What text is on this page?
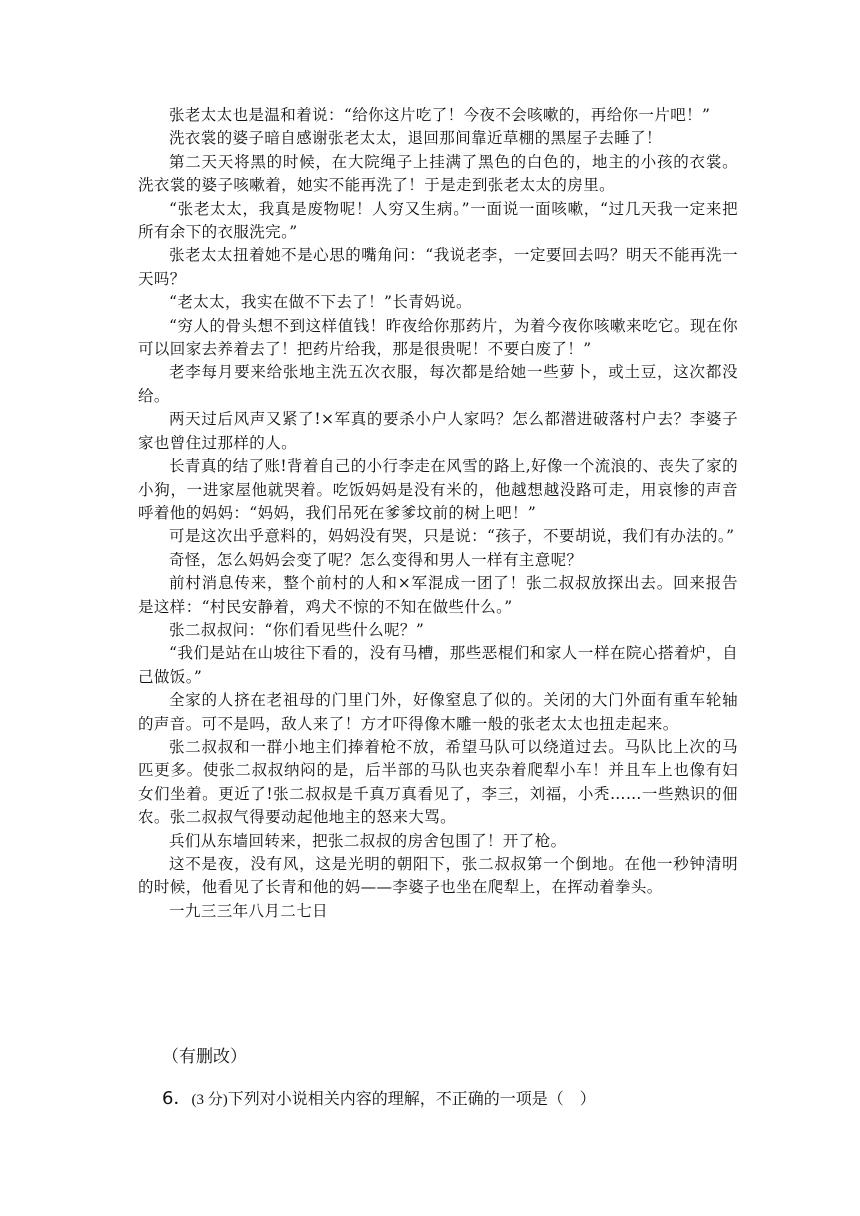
张老太太也是温和着说：“给你这片吃了！今夜不会咳嗽的，再给你一片吧！”

洗衣裳的婆子暗自感谢张老太太，退回那间靠近草棚的黑屋子去睡了！

第二天天将黑的时候，在大院绳子上挂满了黑色的白色的，地主的小孩的衣裳。洗衣裳的婆子咳嗽着，她实不能再洗了！于是走到张老太太的房里。

“张老太太，我真是废物呢！人穷又生病。”一面说一面咳嗽，“过几天我一定来把所有余下的衣服洗完。”

张老太太扭着她不是心思的嘴角问：“我说老李，一定要回去吗？明天不能再洗一天吗？

“老太太，我实在做不下去了！”长青妈说。

“穷人的骨头想不到这样值钱！昨夜给你那药片，为着今夜你咳嗽来吃它。现在你可以回家去养着去了！把药片给我，那是很贵呢！不要白废了！”

老李每月要来给张地主洗五次衣服，每次都是给她一些萝卜，或土豆，这次都没给。

两天过后风声又紧了!×军真的要杀小户人家吗？怎么都潜进破落村户去？李婆子家也曾住过那样的人。

长青真的结了账!背着自己的小行李走在风雪的路上,好像一个流浪的、丧失了家的小狗，一进家屋他就哭着。吃饭妈妈是没有米的，他越想越没路可走，用哀惨的声音呼着他的妈妈：“妈妈，我们吊死在爹爹坟前的树上吧！”

可是这次出乎意料的，妈妈没有哭，只是说：“孩子，不要胡说，我们有办法的。”

奇怪，怎么妈妈会变了呢？怎么变得和男人一样有主意呢？

前村消息传来，整个前村的人和×军混成一团了！张二叔叔放探出去。回来报告是这样：“村民安静着，鸡犬不惊的不知在做些什么。”

张二叔叔问：“你们看见些什么呢？”

“我们是站在山坡往下看的，没有马槽，那些恶棍们和家人一样在院心搭着炉，自己做饭。”

全家的人挤在老祖母的门里门外，好像窒息了似的。关闭的大门外面有重车轮轴的声音。可不是吗，敌人来了！方才吓得像木雕一般的张老太太也扭走起来。

张二叔叔和一群小地主们捧着枪不放，希望马队可以绕道过去。马队比上次的马匹更多。使张二叔叔纳闷的是，后半部的马队也夹杂着爬犁小车！并且车上也像有妇女们坐着。更近了!张二叔叔是千真万真看见了，李三，刘福，小秃……一些熟识的佃农。张二叔叔气得要动起他地主的怒来大骂。

兵们从东墙回转来，把张二叔叔的房舍包围了！开了枪。

这不是夜，没有风，这是光明的朝阳下，张二叔叔第一个倒地。在他一秒钟清明的时候，他看见了长青和他的妈——李婆子也坐在爬犁上，在挥动着拳头。

一九三三年八月二七日

（有删改）
6．(3 分)下列对小说相关内容的理解，不正确的一项是（　）
